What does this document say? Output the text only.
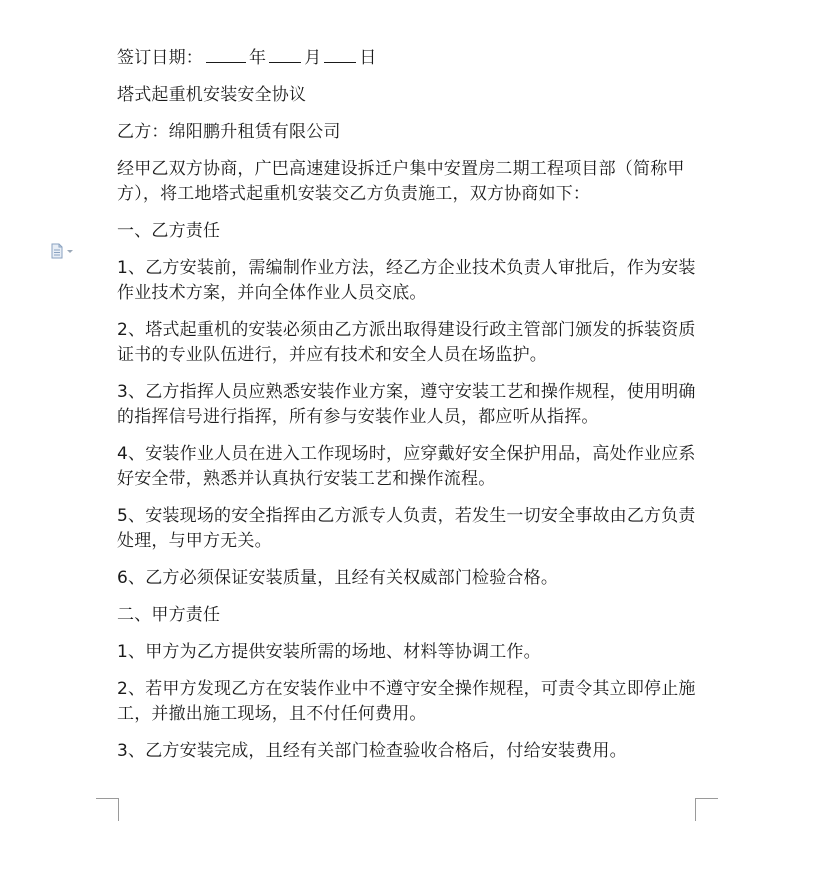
签订日期：	年 月 日

塔式起重机安装安全协议

乙方：绵阳鹏升租赁有限公司

经甲乙双方协商，广巴高速建设拆迁户集中安置房二期工程项目部（简称甲方），将工地塔式起重机安装交乙方负责施工，双方协商如下：

一、乙方责任

1、乙方安装前，需编制作业方法，经乙方企业技术负责人审批后，作为安装作业技术方案，并向全体作业人员交底。

2、塔式起重机的安装必须由乙方派出取得建设行政主管部门颁发的拆装资质证书的专业队伍进行，并应有技术和安全人员在场监护。

3、乙方指挥人员应熟悉安装作业方案，遵守安装工艺和操作规程，使用明确的指挥信号进行指挥，所有参与安装作业人员，都应听从指挥。

4、安装作业人员在进入工作现场时，应穿戴好安全保护用品，高处作业应系好安全带，熟悉并认真执行安装工艺和操作流程。

5、安装现场的安全指挥由乙方派专人负责，若发生一切安全事故由乙方负责处理，与甲方无关。

6、乙方必须保证安装质量，且经有关权威部门检验合格。

二、甲方责任

1、甲方为乙方提供安装所需的场地、材料等协调工作。

2、若甲方发现乙方在安装作业中不遵守安全操作规程，可责令其立即停止施工，并撤出施工现场，且不付任何费用。

3、乙方安装完成，且经有关部门检查验收合格后，付给安装费用。
